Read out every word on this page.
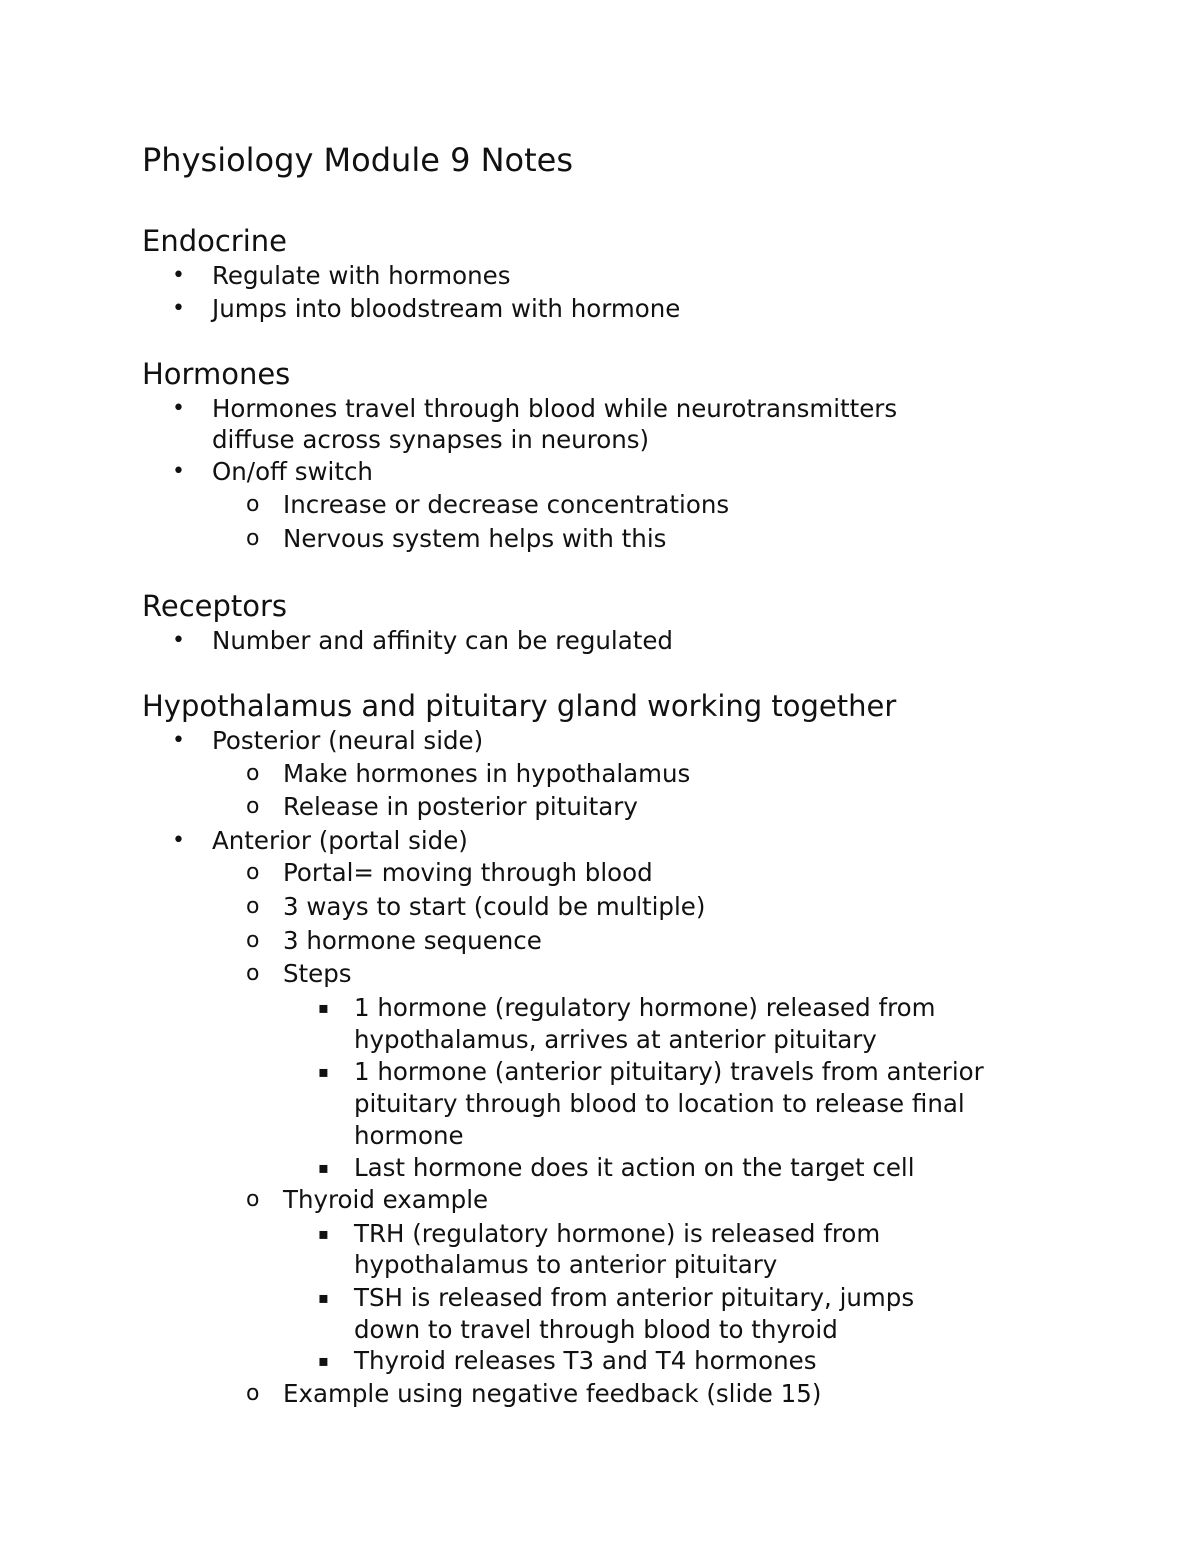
Physiology Module 9 Notes
Endocrine
• Regulate with hormones
• Jumps into bloodstream with hormone
Hormones
• Hormones travel through blood while neurotransmitters
diffuse across synapses in neurons)
• On/off switch
o Increase or decrease concentrations
o Nervous system helps with this
Receptors
• Number and affinity can be regulated
Hypothalamus and pituitary gland working together
• Posterior (neural side)
o Make hormones in hypothalamus
o Release in posterior pituitary
• Anterior (portal side)
o Portal= moving through blood
o 3 ways to start (could be multiple)
o 3 hormone sequence
o Steps
▪ 1 hormone (regulatory hormone) released from
hypothalamus, arrives at anterior pituitary
▪ 1 hormone (anterior pituitary) travels from anterior
pituitary through blood to location to release final
hormone
▪ Last hormone does it action on the target cell
o Thyroid example
▪ TRH (regulatory hormone) is released from
hypothalamus to anterior pituitary
▪ TSH is released from anterior pituitary, jumps
down to travel through blood to thyroid
▪ Thyroid releases T3 and T4 hormones
o Example using negative feedback (slide 15)
